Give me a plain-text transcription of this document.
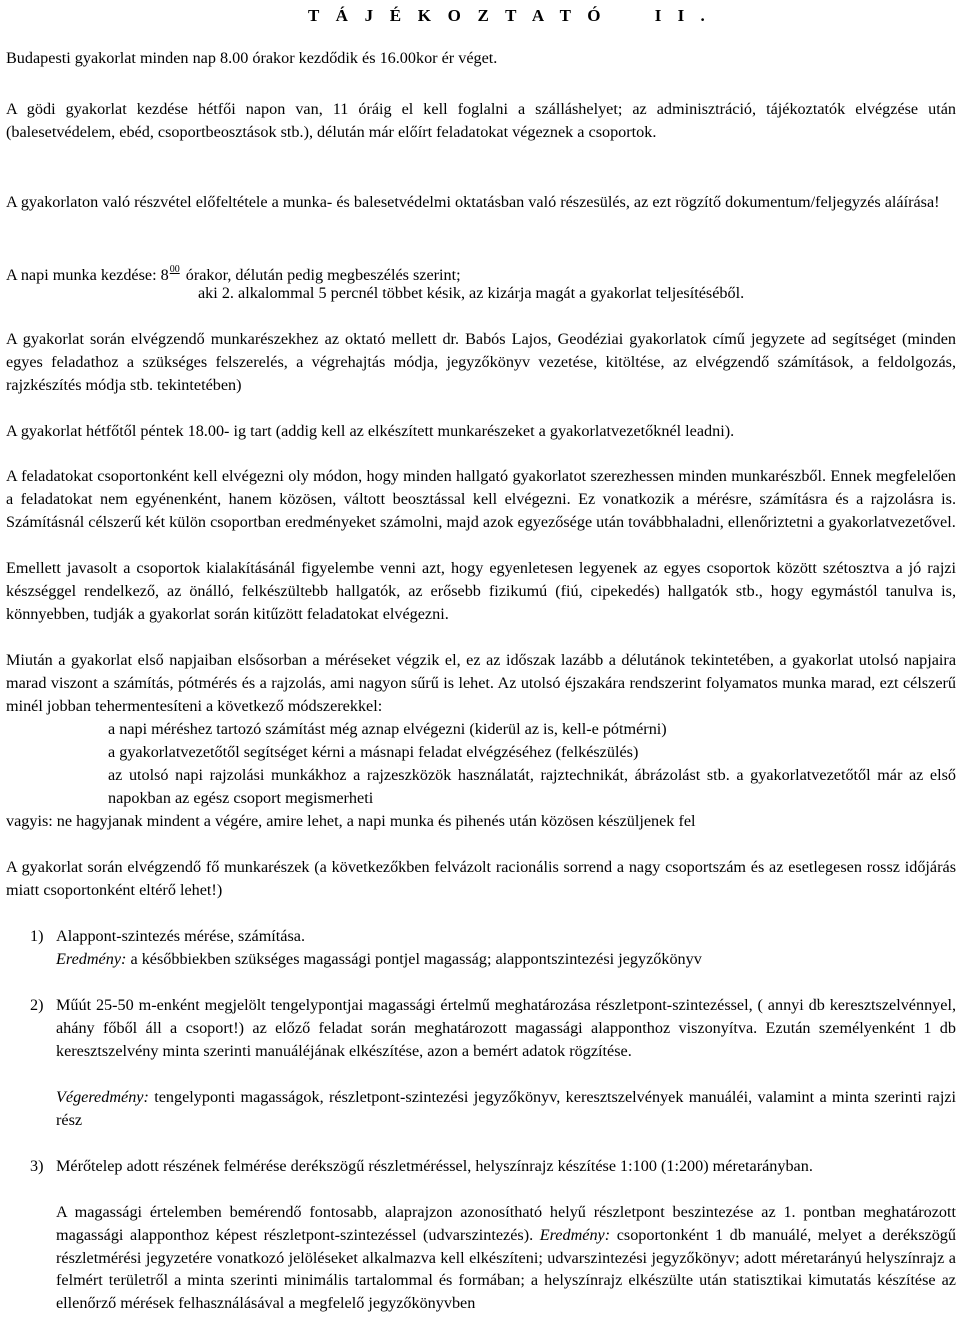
T Á J É K O Z T A T Ó	I I .

Budapesti gyakorlat minden nap 8.00 órakor kezdődik és 16.00kor ér véget.

A gödi gyakorlat kezdése hétfői napon van, 11 óráig el kell foglalni a szálláshelyet; az adminisztráció, tájékoztatók elvégzése után (balesetvédelem, ebéd, csoportbeosztások stb.), délután már előírt feladatokat végeznek a csoportok.

A gyakorlaton való részvétel előfeltétele a munka- és balesetvédelmi oktatásban való részesülés, az ezt rögzítő dokumentum/feljegyzés aláírása!

A napi munka kezdése: $8^{00}$ órakor, délután pedig megbeszélés szerint;
aki 2. alkalommal 5 percnél többet késik, az kizárja magát a gyakorlat teljesítéséből.

A gyakorlat során elvégzendő munkarészekhez az oktató mellett dr. Babós Lajos, Geodéziai gyakorlatok című jegyzete ad segítséget (minden egyes feladathoz a szükséges felszerelés, a végrehajtás módja, jegyzőkönyv vezetése, kitöltése, az elvégzendő számítások, a feldolgozás, rajzkészítés módja stb. tekintetében)

A gyakorlat hétfőtől péntek 18.00- ig tart (addig kell az elkészített munkarészeket a gyakorlatvezetőknél leadni).

A feladatokat csoportonként kell elvégezni oly módon, hogy minden hallgató gyakorlatot szerezhessen minden munkarészből. Ennek megfelelően a feladatokat nem egyénenként, hanem közösen, váltott beosztással kell elvégezni. Ez vonatkozik a mérésre, számításra és a rajzolásra is. Számításnál célszerű két külön csoportban eredményeket számolni, majd azok egyezősége után továbbhaladni, ellenőriztetni a gyakorlatvezetővel.

Emellett javasolt a csoportok kialakításánál figyelembe venni azt, hogy egyenletesen legyenek az egyes csoportok között szétosztva a jó rajzi készséggel rendelkező, az önálló, felkészültebb hallgatók, az erősebb fizikumú (fiú, cipekedés) hallgatók stb., hogy egymástól tanulva is, könnyebben, tudják a gyakorlat során kitűzött feladatokat elvégezni.

Miután a gyakorlat első napjaiban elsősorban a méréseket végzik el, ez az időszak lazább a délutánok tekintetében, a gyakorlat utolsó napjaira marad viszont a számítás, pótmérés és a rajzolás, ami nagyon sűrű is lehet. Az utolsó éjszakára rendszerint folyamatos munka marad, ezt célszerű minél jobban tehermentesíteni a következő módszerekkel:

a napi méréshez tartozó számítást még aznap elvégezni (kiderül az is, kell-e pótmérni)

a gyakorlatvezetőtől segítséget kérni a másnapi feladat elvégzéséhez (felkészülés)

az utolsó napi rajzolási munkákhoz a rajzeszközök használatát, rajztechnikát, ábrázolást stb. a gyakorlatvezetőtől már az első napokban az egész csoport megismerheti

vagyis: ne hagyjanak mindent a végére, amire lehet, a napi munka és pihenés után közösen készüljenek fel

A gyakorlat során elvégzendő fő munkarészek (a következőkben felvázolt racionális sorrend a nagy csoportszám és az esetlegesen rossz időjárás miatt csoportonként eltérő lehet!)

1) Alappont-szintezés mérése, számítása.

Eredmény: a későbbiekben szükséges magassági pontjel magasság; alappontszintezési jegyzőkönyv

2) Műút 25-50 m-enként megjelölt tengelypontjai magassági értelmű meghatározása részletpont-szintezéssel, ( annyi db keresztszelvénnyel, ahány főből áll a csoport!) az előző feladat során meghatározott magassági alapponthoz viszonyítva. Ezután személyenként 1 db keresztszelvény minta szerinti manuáléjának elkészítése, azon a bemért adatok rögzítése.

Végeredmény: tengelyponti magasságok, részletpont-szintezési jegyzőkönyv, keresztszelvények manuáléi, valamint a minta szerinti rajzi rész

3) Mérőtelep adott részének felmérése derékszögű részletméréssel, helyszínrajz készítése 1:100 (1:200) méretarányban.

A magassági értelemben bemérendő fontosabb, alaprajzon azonosítható helyű részletpont beszintezése az 1. pontban meghatározott magassági alapponthoz képest részletpont-szintezéssel (udvarszintezés). Eredmény: csoportonként 1 db manuálé, melyet a derékszögű részletmérési jegyzetére vonatkozó jelöléseket alkalmazva kell elkészíteni; udvarszintezési jegyzőkönyv; adott méretarányú helyszínrajz a felmért területről a minta szerinti minimális tartalommal és formában; a helyszínrajz elkészülte után statisztikai kimutatás készítése az ellenőrző mérések felhasználásával a megfelelő jegyzőkönyvben
